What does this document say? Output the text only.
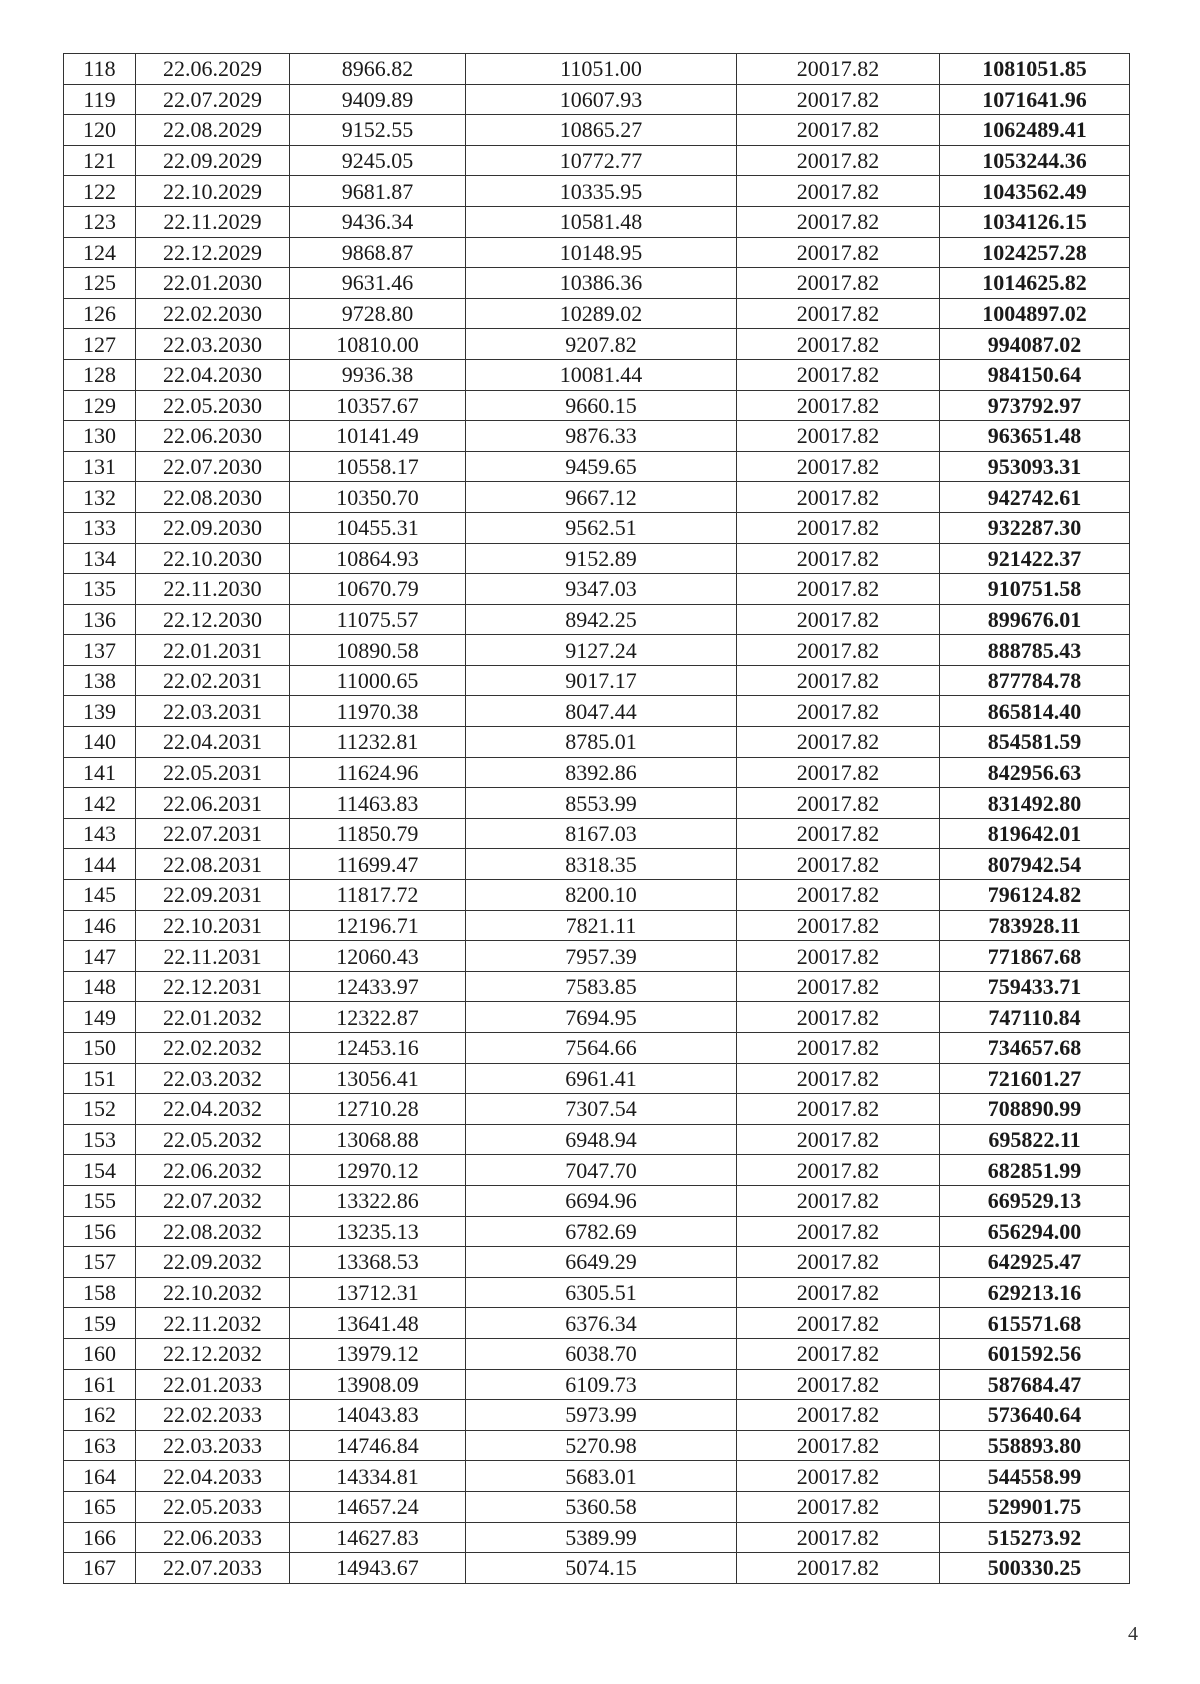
118	22.06.2029	8966.82	11051.00	20017.82	1081051.85
119	22.07.2029	9409.89	10607.93	20017.82	1071641.96
120	22.08.2029	9152.55	10865.27	20017.82	1062489.41
121	22.09.2029	9245.05	10772.77	20017.82	1053244.36
122	22.10.2029	9681.87	10335.95	20017.82	1043562.49
123	22.11.2029	9436.34	10581.48	20017.82	1034126.15
124	22.12.2029	9868.87	10148.95	20017.82	1024257.28
125	22.01.2030	9631.46	10386.36	20017.82	1014625.82
126	22.02.2030	9728.80	10289.02	20017.82	1004897.02
127	22.03.2030	10810.00	9207.82	20017.82	994087.02
128	22.04.2030	9936.38	10081.44	20017.82	984150.64
129	22.05.2030	10357.67	9660.15	20017.82	973792.97
130	22.06.2030	10141.49	9876.33	20017.82	963651.48
131	22.07.2030	10558.17	9459.65	20017.82	953093.31
132	22.08.2030	10350.70	9667.12	20017.82	942742.61
133	22.09.2030	10455.31	9562.51	20017.82	932287.30
134	22.10.2030	10864.93	9152.89	20017.82	921422.37
135	22.11.2030	10670.79	9347.03	20017.82	910751.58
136	22.12.2030	11075.57	8942.25	20017.82	899676.01
137	22.01.2031	10890.58	9127.24	20017.82	888785.43
138	22.02.2031	11000.65	9017.17	20017.82	877784.78
139	22.03.2031	11970.38	8047.44	20017.82	865814.40
140	22.04.2031	11232.81	8785.01	20017.82	854581.59
141	22.05.2031	11624.96	8392.86	20017.82	842956.63
142	22.06.2031	11463.83	8553.99	20017.82	831492.80
143	22.07.2031	11850.79	8167.03	20017.82	819642.01
144	22.08.2031	11699.47	8318.35	20017.82	807942.54
145	22.09.2031	11817.72	8200.10	20017.82	796124.82
146	22.10.2031	12196.71	7821.11	20017.82	783928.11
147	22.11.2031	12060.43	7957.39	20017.82	771867.68
148	22.12.2031	12433.97	7583.85	20017.82	759433.71
149	22.01.2032	12322.87	7694.95	20017.82	747110.84
150	22.02.2032	12453.16	7564.66	20017.82	734657.68
151	22.03.2032	13056.41	6961.41	20017.82	721601.27
152	22.04.2032	12710.28	7307.54	20017.82	708890.99
153	22.05.2032	13068.88	6948.94	20017.82	695822.11
154	22.06.2032	12970.12	7047.70	20017.82	682851.99
155	22.07.2032	13322.86	6694.96	20017.82	669529.13
156	22.08.2032	13235.13	6782.69	20017.82	656294.00
157	22.09.2032	13368.53	6649.29	20017.82	642925.47
158	22.10.2032	13712.31	6305.51	20017.82	629213.16
159	22.11.2032	13641.48	6376.34	20017.82	615571.68
160	22.12.2032	13979.12	6038.70	20017.82	601592.56
161	22.01.2033	13908.09	6109.73	20017.82	587684.47
162	22.02.2033	14043.83	5973.99	20017.82	573640.64
163	22.03.2033	14746.84	5270.98	20017.82	558893.80
164	22.04.2033	14334.81	5683.01	20017.82	544558.99
165	22.05.2033	14657.24	5360.58	20017.82	529901.75
166	22.06.2033	14627.83	5389.99	20017.82	515273.92
167	22.07.2033	14943.67	5074.15	20017.82	500330.25
4
